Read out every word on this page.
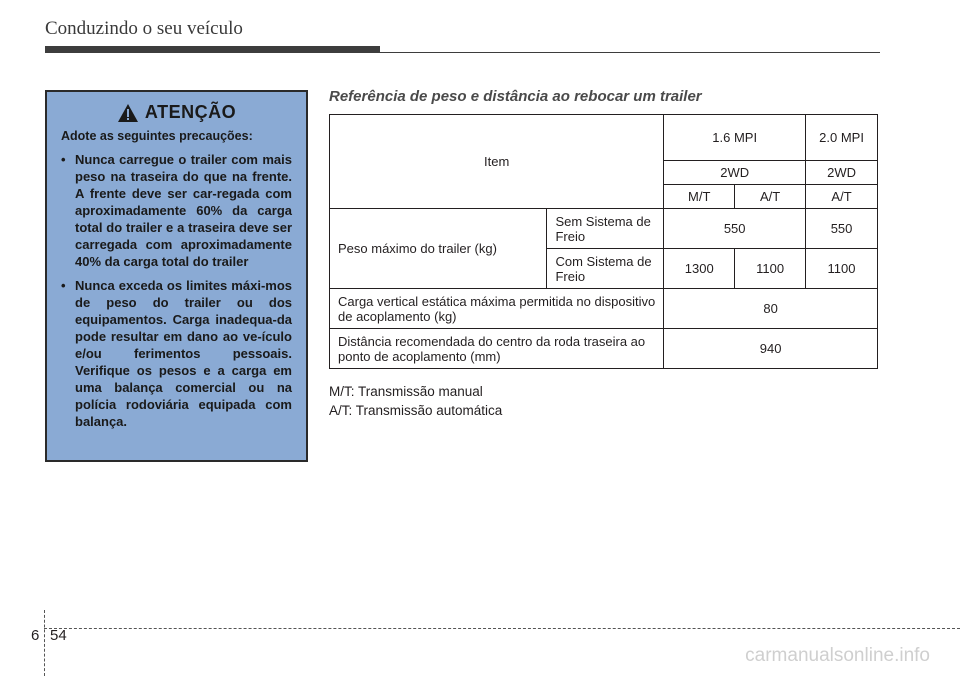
Conduzindo o seu veículo
ATENÇÃO
Adote as seguintes precauções:
• Nunca carregue o trailer com mais peso na traseira do que na frente. A frente deve ser car-regada com aproximadamente 60% da carga total do trailer e a traseira deve ser carregada com aproximadamente 40% da carga total do trailer
• Nunca exceda os limites máxi-mos de peso do trailer ou dos equipamentos. Carga inadequa-da pode resultar em dano ao ve-ículo e/ou ferimentos pessoais. Verifique os pesos e a carga em uma balança comercial ou na polícia rodoviária equipada com balança.
Referência de peso e distância ao rebocar um trailer
Item		1.6 MPI		2.0 MPI
		2WD		2WD
		M/T	A/T	A/T
Peso máximo do trailer (kg)	Sem Sistema de Freio	550		550
	Com Sistema de Freio	1300	1100	1100
Carga vertical estática máxima permitida no dispositivo de acoplamento (kg)		80		
Distância recomendada do centro da roda traseira ao ponto de acoplamento (mm)		940		
M/T: Transmissão manual
A/T: Transmissão automática
6 54
carmanualsonline.info
